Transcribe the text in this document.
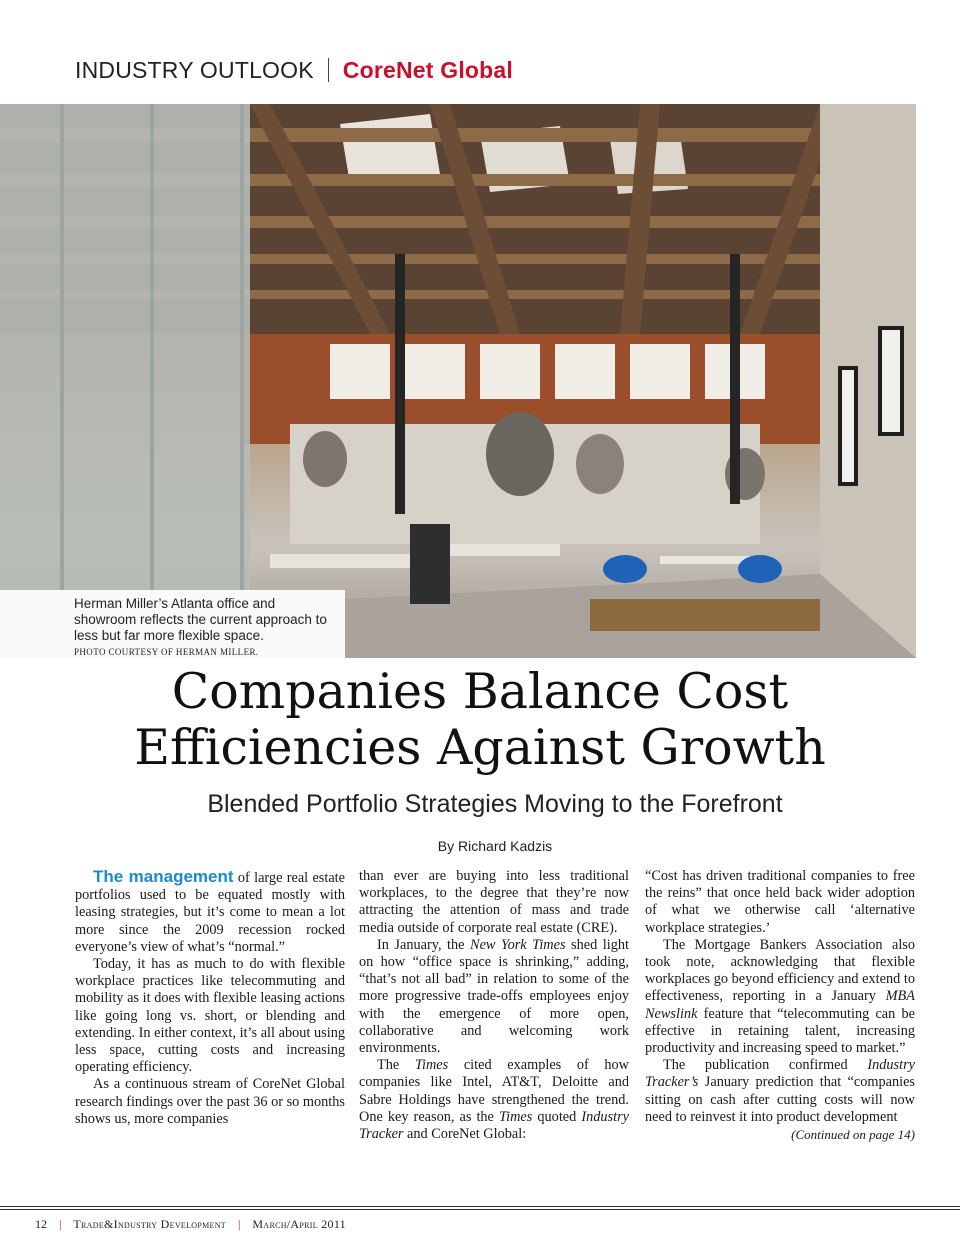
INDUSTRY OUTLOOK CoreNet Global
Herman Miller’s Atlanta office and showroom reflects the current approach to less but far more flexible space.
PHOTO COURTESY OF HERMAN MILLER.
Companies Balance Cost
Efficiencies Against Growth
Blended Portfolio Strategies Moving to the Forefront
By Richard Kadzis

The management of large real estate portfolios used to be equated mostly with leasing strategies, but it’s come to mean a lot more since the 2009 recession rocked everyone’s view of what’s “normal.”

Today, it has as much to do with flexible workplace practices like telecommuting and mobility as it does with flexible leasing actions like going long vs. short, or blending and extending. In either context, it’s all about using less space, cutting costs and increasing operating efficiency.

As a continuous stream of CoreNet Global research findings over the past 36 or so months shows us, more companies

than ever are buying into less traditional workplaces, to the degree that they’re now attracting the attention of mass and trade media outside of corporate real estate (CRE).

In January, the New York Times shed light on how “office space is shrinking,” adding, “that’s not all bad” in relation to some of the more progressive trade-offs employees enjoy with the emergence of more open, collaborative and welcoming work environments.

The Times cited examples of how companies like Intel, AT&T, Deloitte and Sabre Holdings have strengthened the trend. One key reason, as the Times quoted Industry Tracker and CoreNet Global:

“Cost has driven traditional companies to free the reins” that once held back wider adoption of what we otherwise call ‘alternative workplace strategies.’

The Mortgage Bankers Association also took note, acknowledging that flexible workplaces go beyond efficiency and extend to effectiveness, reporting in a January MBA Newslink feature that “telecommuting can be effective in retaining talent, increasing productivity and increasing speed to market.”

The publication confirmed Industry Tracker’s January prediction that “companies sitting on cash after cutting costs will now need to reinvest it into product development
(Continued on page 14)

12 | Trade&Industry Development | March/April 2011
